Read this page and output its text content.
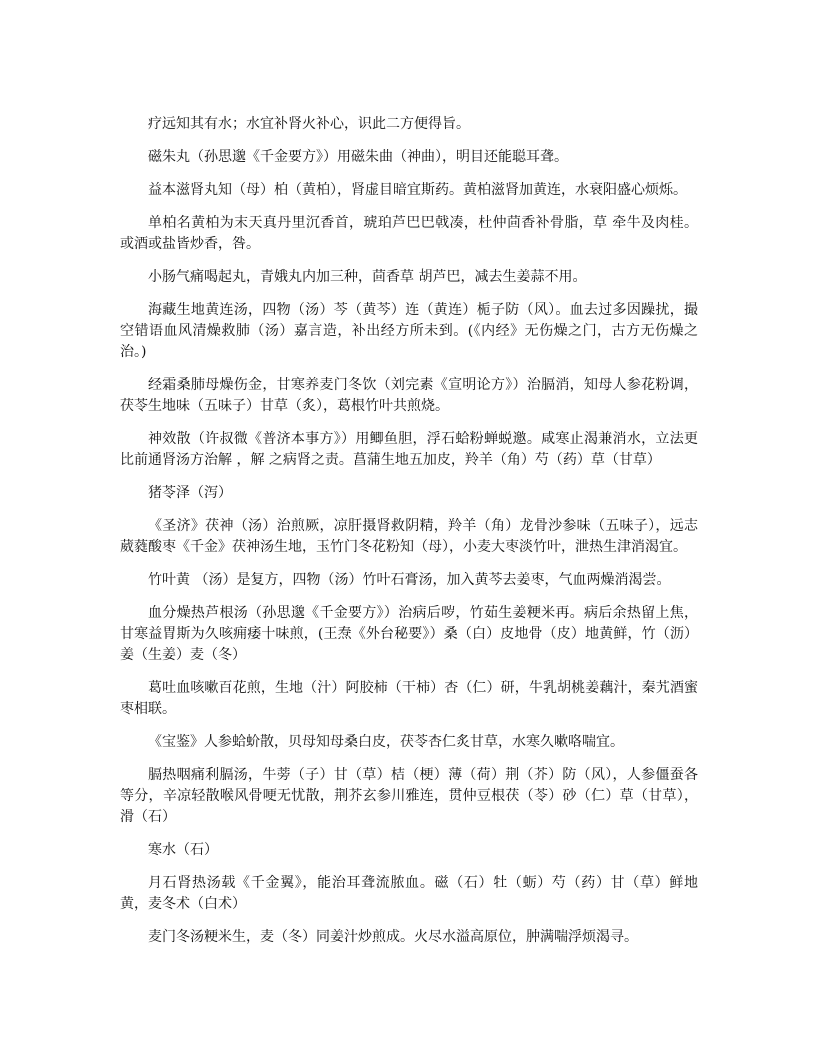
疗远知其有水；水宜补肾火补心，识此二方便得旨。

磁朱丸（孙思邈《千金要方》）用磁朱曲（神曲），明目还能聪耳聋。

益本滋肾丸知（母）柏（黄柏），肾虚目暗宜斯药。黄柏滋肾加黄连，水衰阳盛心烦烁。

单柏名黄柏为末天真丹里沉香首，琥珀芦巴巴戟凑，杜仲茴香补骨脂，草 牵牛及肉桂。或酒或盐皆炒香，咎。

小肠气痛喝起丸，青娥丸内加三种，茴香草 胡芦巴，减去生姜蒜不用。

海藏生地黄连汤，四物（汤）芩（黄芩）连（黄连）栀子防（风）。血去过多因躁扰，撮空错语血风清燥救肺（汤）嘉言造，补出经方所未到。(《内经》无伤燥之门，古方无伤燥之治。)

经霜桑肺母燥伤金，甘寒养麦门冬饮（刘完素《宣明论方》）治膈消，知母人参花粉调，茯苓生地味（五味子）甘草（炙），葛根竹叶共煎烧。

神效散（许叔微《普济本事方》）用鲫鱼胆，浮石蛤粉蝉蜕邀。咸寒止渴兼消水，立法更比前通肾汤方治解 ，解 之病肾之责。菖蒲生地五加皮，羚羊（角）芍（药）草（甘草）

猪苓泽（泻）

《圣济》茯神（汤）治煎厥，凉肝摄肾救阴精，羚羊（角）龙骨沙参味（五味子），远志葳蕤酸枣《千金》茯神汤生地，玉竹门冬花粉知（母），小麦大枣淡竹叶，泄热生津消渴宜。

竹叶黄 （汤）是复方，四物（汤）竹叶石膏汤，加入黄芩去姜枣，气血两燥消渴尝。

血分燥热芦根汤（孙思邈《千金要方》）治病后哕，竹茹生姜粳米再。病后余热留上焦，甘寒益胃斯为久咳痈痿十味煎，(王焘《外台秘要》）桑（白）皮地骨（皮）地黄鲜，竹（沥）姜（生姜）麦（冬）

葛吐血咳嗽百花煎，生地（汁）阿胶柿（干柿）杏（仁）研，牛乳胡桃姜藕汁，秦艽酒蜜枣相联。

《宝鉴》人参蛤蚧散，贝母知母桑白皮，茯苓杏仁炙甘草，水寒久嗽咯喘宜。

膈热咽痛利膈汤，牛蒡（子）甘（草）桔（梗）薄（荷）荆（芥）防（风），人参僵蚕各等分，辛凉轻散喉风骨哽无忧散，荆芥玄参川雅连，贯仲豆根茯（苓）砂（仁）草（甘草），滑（石）

寒水（石）

月石肾热汤载《千金翼》，能治耳聋流脓血。磁（石）牡（蛎）芍（药）甘（草）鲜地黄，麦冬术（白术）

麦门冬汤粳米生，麦（冬）同姜汁炒煎成。火尽水溢高原位，肿满喘浮烦渴寻。
